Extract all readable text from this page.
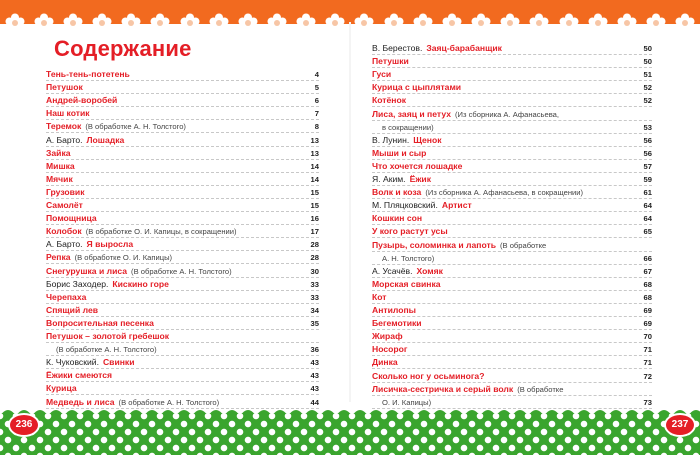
Содержание
Тень-тень-потетень	4
Петушок	5
Андрей-воробей	6
Наш котик	7
Теремок (В обработке А. Н. Толстого)	8
А. Барто. Лошадка	13
Зайка	13
Мишка	14
Мячик	14
Грузовик	15
Самолёт	15
Помощница	16
Колобок (В обработке О. И. Капицы, в сокращении)	17
А. Барто. Я выросла	28
Репка (В обработке О. И. Капицы)	28
Снегурушка и лиса (В обработке А. Н. Толстого)	30
Борис Заходер. Кискино горе	33
Черепаха	33
Спящий лев	34
Вопросительная песенка	35
Петушок – золотой гребешок
(В обработке А. Н. Толстого)	36
К. Чуковский. Свинки	43
Ёжики смеются	43
Курица	43
Медведь и лиса (В обработке А. Н. Толстого)	44
В. Берестов. Заяц-барабанщик	50
Петушки	50
Гуси	51
Курица с цыплятами	52
Котёнок	52
Лиса, заяц и петух (Из сборника А. Афанасьева,
в сокращении)	53
В. Лунин. Щенок	56
Мыши и сыр	56
Что хочется лошадке	57
Я. Аким. Ёжик	59
Волк и коза (Из сборника А. Афанасьева, в сокращении)	61
М. Пляцковский. Артист	64
Кошкин сон	64
У кого растут усы	65
Пузырь, соломинка и лапоть (В обработке
А. Н. Толстого)	66
А. Усачёв. Хомяк	67
Морская свинка	68
Кот	68
Антилопы	69
Бегемотики	69
Жираф	70
Носорог	71
Динка	71
Сколько ног у осьминога?	72
Лисичка-сестричка и серый волк (В обработке
О. И. Капицы)	73
236	237
